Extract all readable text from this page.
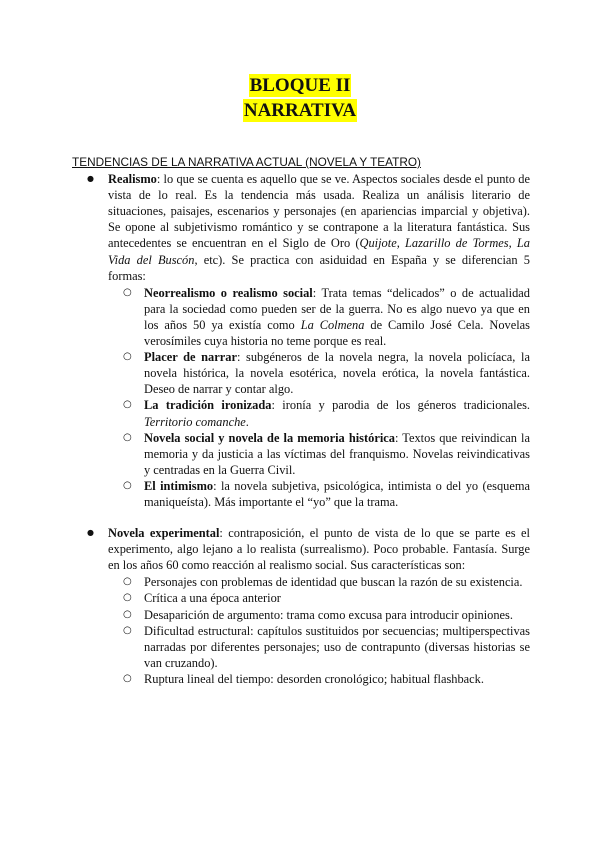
BLOQUE II
NARRATIVA
TENDENCIAS DE LA NARRATIVA ACTUAL (NOVELA Y TEATRO)
● Realismo: lo que se cuenta es aquello que se ve. Aspectos sociales desde el punto de vista de lo real. Es la tendencia más usada. Realiza un análisis literario de situaciones, paisajes, escenarios y personajes (en apariencias imparcial y objetiva). Se opone al subjetivismo romántico y se contrapone a la literatura fantástica. Sus antecedentes se encuentran en el Siglo de Oro (Quijote, Lazarillo de Tormes, La Vida del Buscón, etc). Se practica con asiduidad en España y se diferencian 5 formas:
○ Neorrealismo o realismo social: Trata temas “delicados” o de actualidad para la sociedad como pueden ser de la guerra. No es algo nuevo ya que en los años 50 ya existía como La Colmena de Camilo José Cela. Novelas verosímiles cuya historia no teme porque es real.
○ Placer de narrar: subgéneros de la novela negra, la novela policíaca, la novela histórica, la novela esotérica, novela erótica, la novela fantástica. Deseo de narrar y contar algo.
○ La tradición ironizada: ironía y parodia de los géneros tradicionales. Territorio comanche.
○ Novela social y novela de la memoria histórica: Textos que reivindican la memoria y da justicia a las víctimas del franquismo. Novelas reivindicativas y centradas en la Guerra Civil.
○ El intimismo: la novela subjetiva, psicológica, intimista o del yo (esquema maniqueísta). Más importante el “yo” que la trama.
● Novela experimental: contraposición, el punto de vista de lo que se parte es el experimento, algo lejano a lo realista (surrealismo). Poco probable. Fantasía. Surge en los años 60 como reacción al realismo social. Sus características son:
○ Personajes con problemas de identidad que buscan la razón de su existencia.
○ Crítica a una época anterior
○ Desaparición de argumento: trama como excusa para introducir opiniones.
○ Dificultad estructural: capítulos sustituidos por secuencias; multiperspectivas narradas por diferentes personajes; uso de contrapunto (diversas historias se van cruzando).
○ Ruptura lineal del tiempo: desorden cronológico; habitual flashback.
